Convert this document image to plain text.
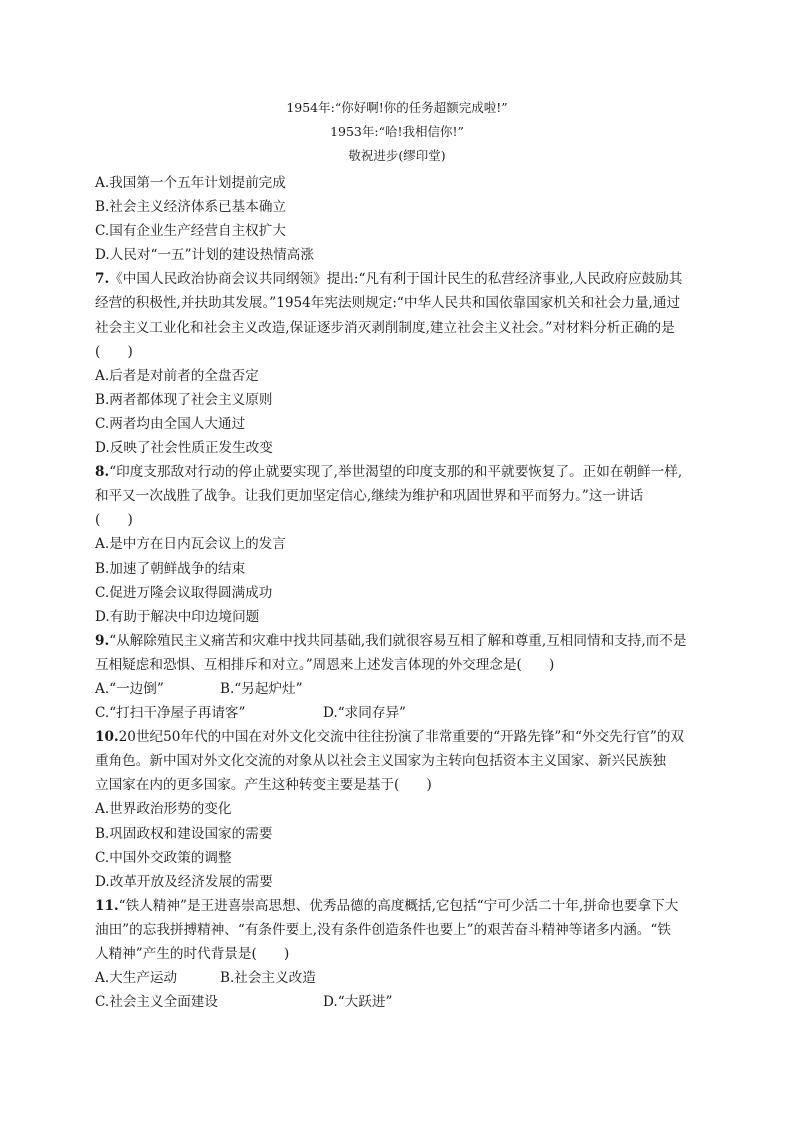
1954年:“你好啊!你的任务超额完成啦!”
1953年:“哈!我相信你!”
敬祝进步(缪印堂)
A.我国第一个五年计划提前完成
B.社会主义经济体系已基本确立
C.国有企业生产经营自主权扩大
D.人民对“一五”计划的建设热情高涨
7.《中国人民政治协商会议共同纲领》提出:“凡有利于国计民生的私营经济事业,人民政府应鼓励其
经营的积极性,并扶助其发展。”1954年宪法则规定:“中华人民共和国依靠国家机关和社会力量,通过
社会主义工业化和社会主义改造,保证逐步消灭剥削制度,建立社会主义社会。”对材料分析正确的是
(　　)
A.后者是对前者的全盘否定
B.两者都体现了社会主义原则
C.两者均由全国人大通过
D.反映了社会性质正发生改变
8.“印度支那敌对行动的停止就要实现了,举世渴望的印度支那的和平就要恢复了。正如在朝鲜一样,
和平又一次战胜了战争。让我们更加坚定信心,继续为维护和巩固世界和平而努力。”这一讲话
(　　)
A.是中方在日内瓦会议上的发言
B.加速了朝鲜战争的结束
C.促进万隆会议取得圆满成功
D.有助于解决中印边境问题
9.“从解除殖民主义痛苦和灾难中找共同基础,我们就很容易互相了解和尊重,互相同情和支持,而不是
互相疑虑和恐惧、互相排斥和对立。”周恩来上述发言体现的外交理念是(　　)
A.“一边倒”	B.“另起炉灶”
C.“打扫干净屋子再请客”	D.“求同存异”
10.20世纪50年代的中国在对外文化交流中往往扮演了非常重要的“开路先锋”和“外交先行官”的双
重角色。新中国对外文化交流的对象从以社会主义国家为主转向包括资本主义国家、新兴民族独
立国家在内的更多国家。产生这种转变主要是基于(　　)
A.世界政治形势的变化
B.巩固政权和建设国家的需要
C.中国外交政策的调整
D.改革开放及经济发展的需要
11.“铁人精神”是王进喜崇高思想、优秀品德的高度概括,它包括“宁可少活二十年,拼命也要拿下大
油田”的忘我拼搏精神、“有条件要上,没有条件创造条件也要上”的艰苦奋斗精神等诸多内涵。“铁
人精神”产生的时代背景是(　　)
A.大生产运动	B.社会主义改造
C.社会主义全面建设	D.“大跃进”
